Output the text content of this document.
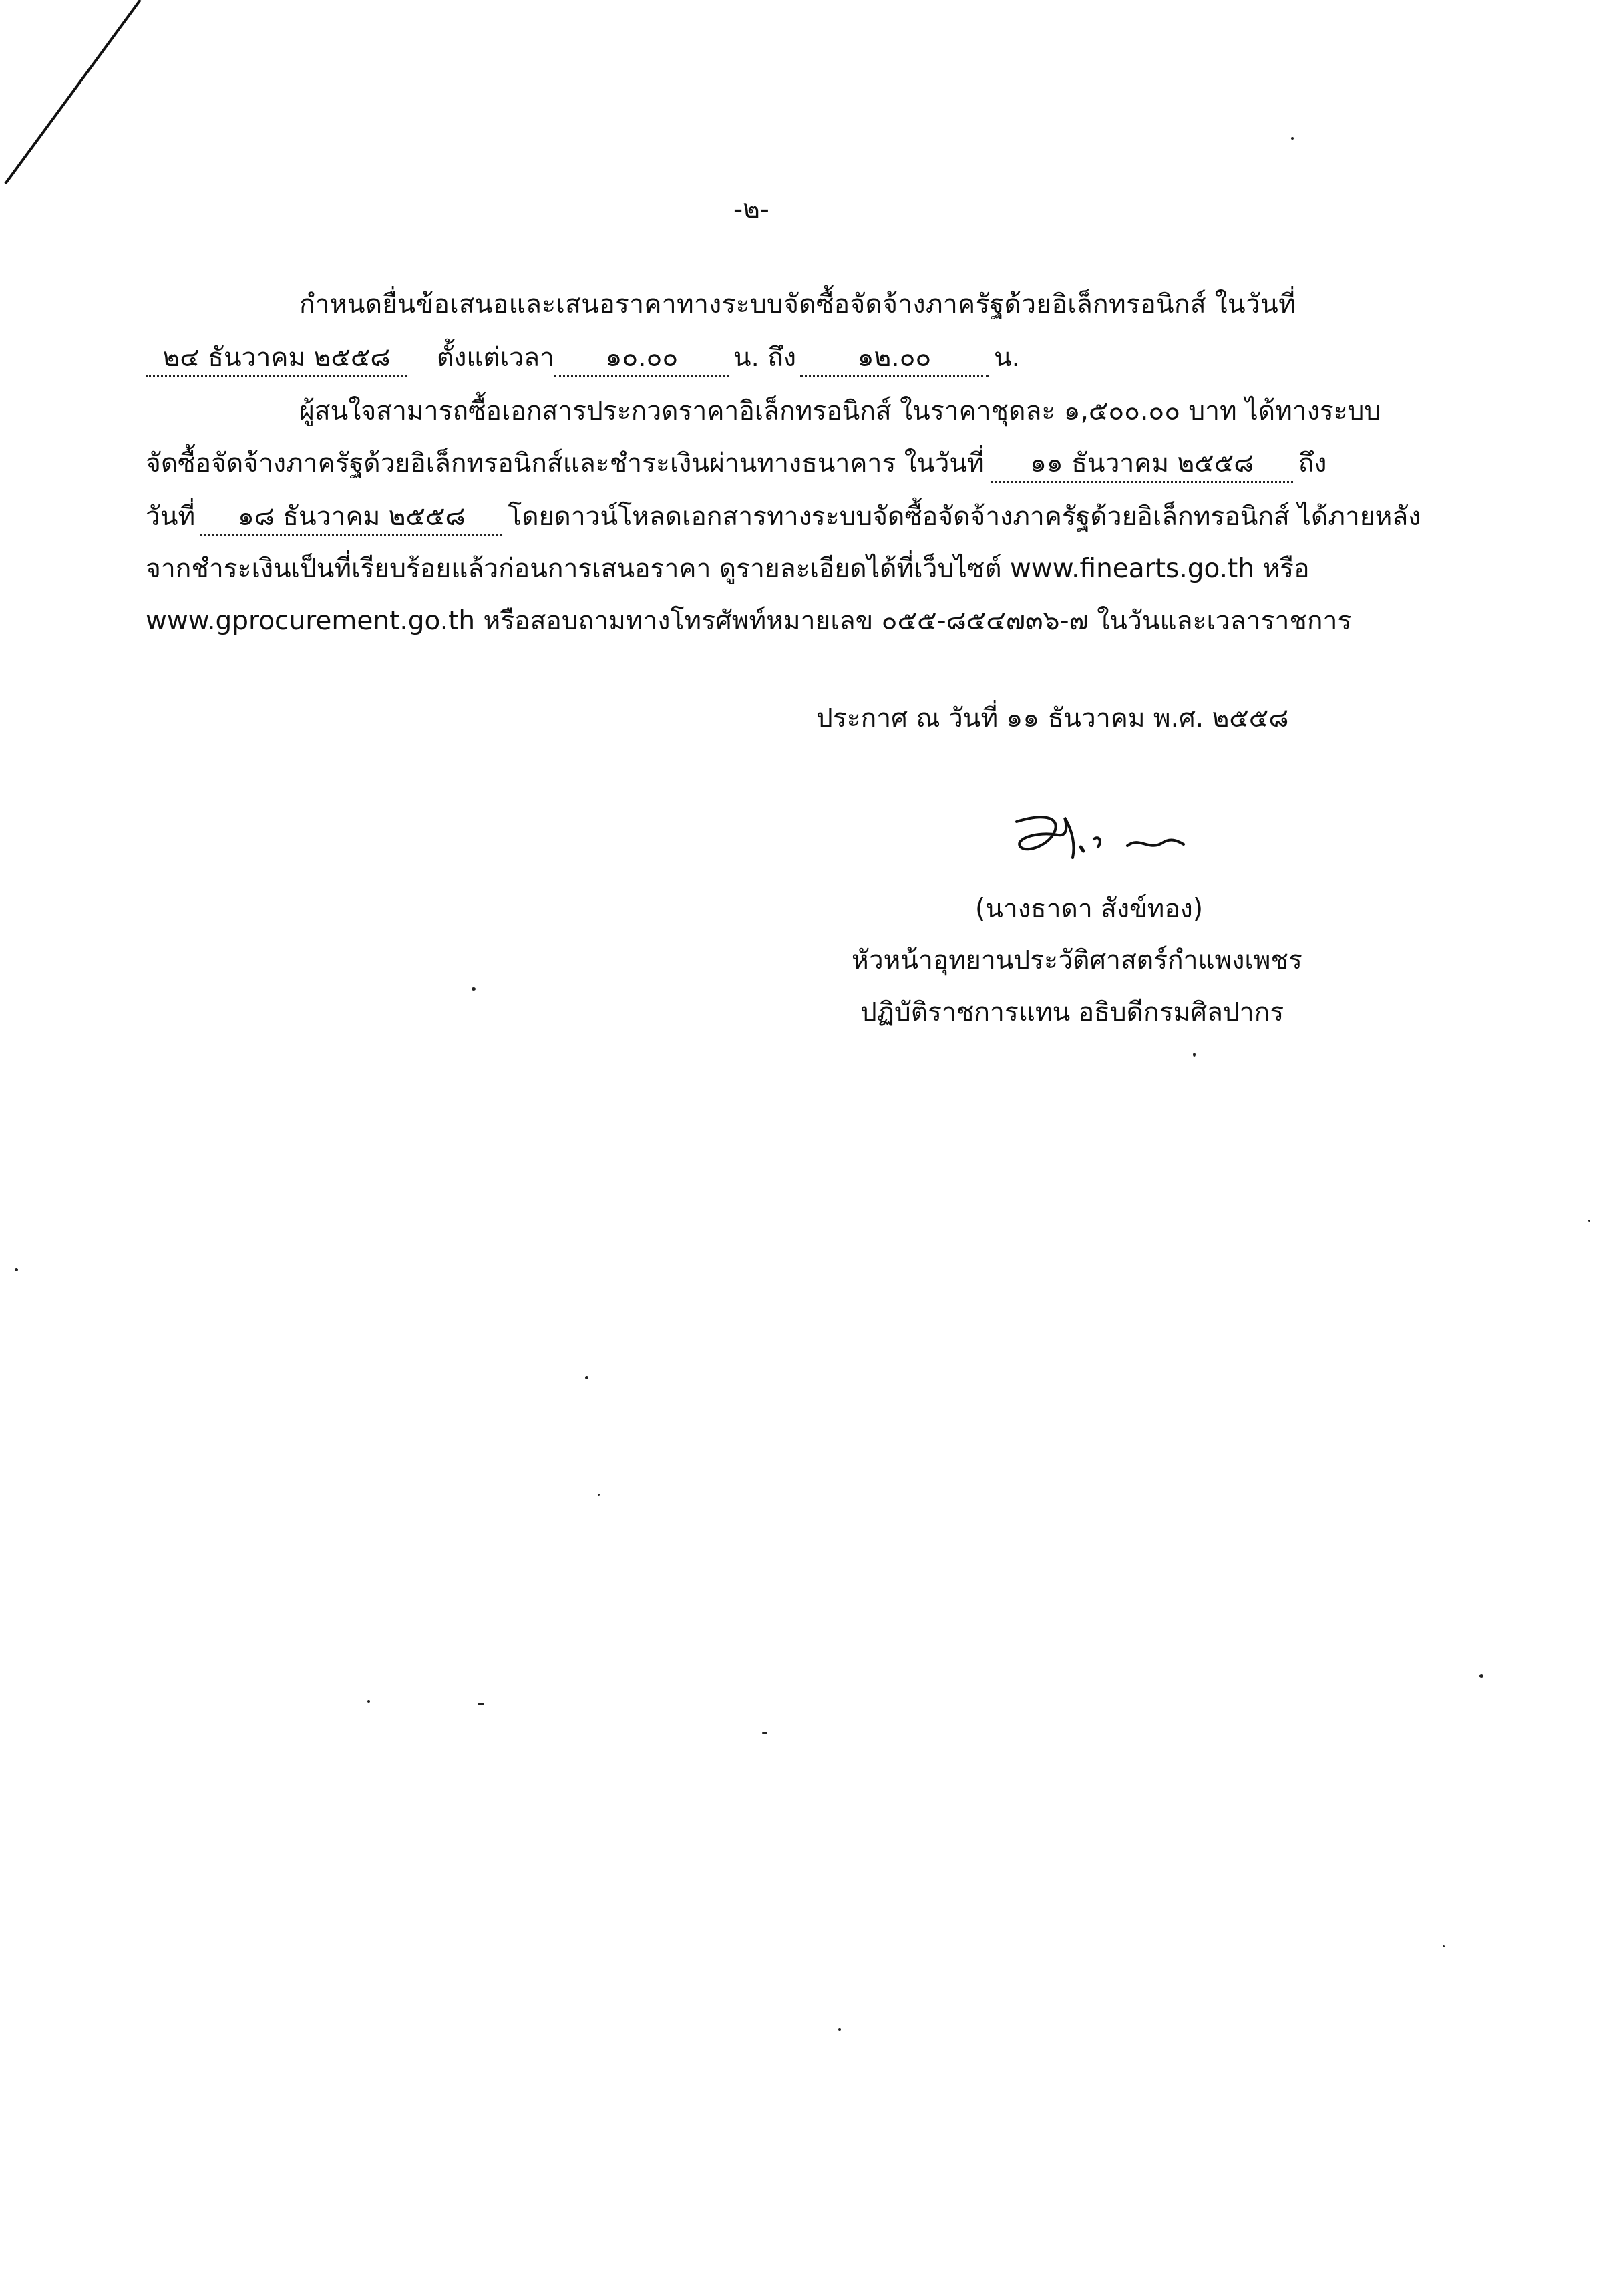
-๒-
กำหนดยื่นข้อเสนอและเสนอราคาทางระบบจัดซื้อจัดจ้างภาครัฐด้วยอิเล็กทรอนิกส์ ในวันที่
๒๔ ธันวาคม ๒๕๕๘ ตั้งแต่เวลา ๑๐.๐๐ น. ถึง ๑๒.๐๐ น.
ผู้สนใจสามารถซื้อเอกสารประกวดราคาอิเล็กทรอนิกส์ ในราคาชุดละ ๑,๕๐๐.๐๐ บาท ได้ทางระบบ
จัดซื้อจัดจ้างภาครัฐด้วยอิเล็กทรอนิกส์และชำระเงินผ่านทางธนาคาร ในวันที่ ๑๑ ธันวาคม ๒๕๕๘ ถึง
วันที่ ๑๘ ธันวาคม ๒๕๕๘ โดยดาวน์โหลดเอกสารทางระบบจัดซื้อจัดจ้างภาครัฐด้วยอิเล็กทรอนิกส์ ได้ภายหลัง
จากชำระเงินเป็นที่เรียบร้อยแล้วก่อนการเสนอราคา ดูรายละเอียดได้ที่เว็บไซต์ www.finearts.go.th หรือ
www.gprocurement.go.th หรือสอบถามทางโทรศัพท์หมายเลข ๐๕๕-๘๕๔๗๓๖-๗ ในวันและเวลาราชการ
ประกาศ ณ วันที่ ๑๑ ธันวาคม พ.ศ. ๒๕๕๘
(นางธาดา สังข์ทอง)
หัวหน้าอุทยานประวัติศาสตร์กำแพงเพชร
ปฏิบัติราชการแทน อธิบดีกรมศิลปากร
